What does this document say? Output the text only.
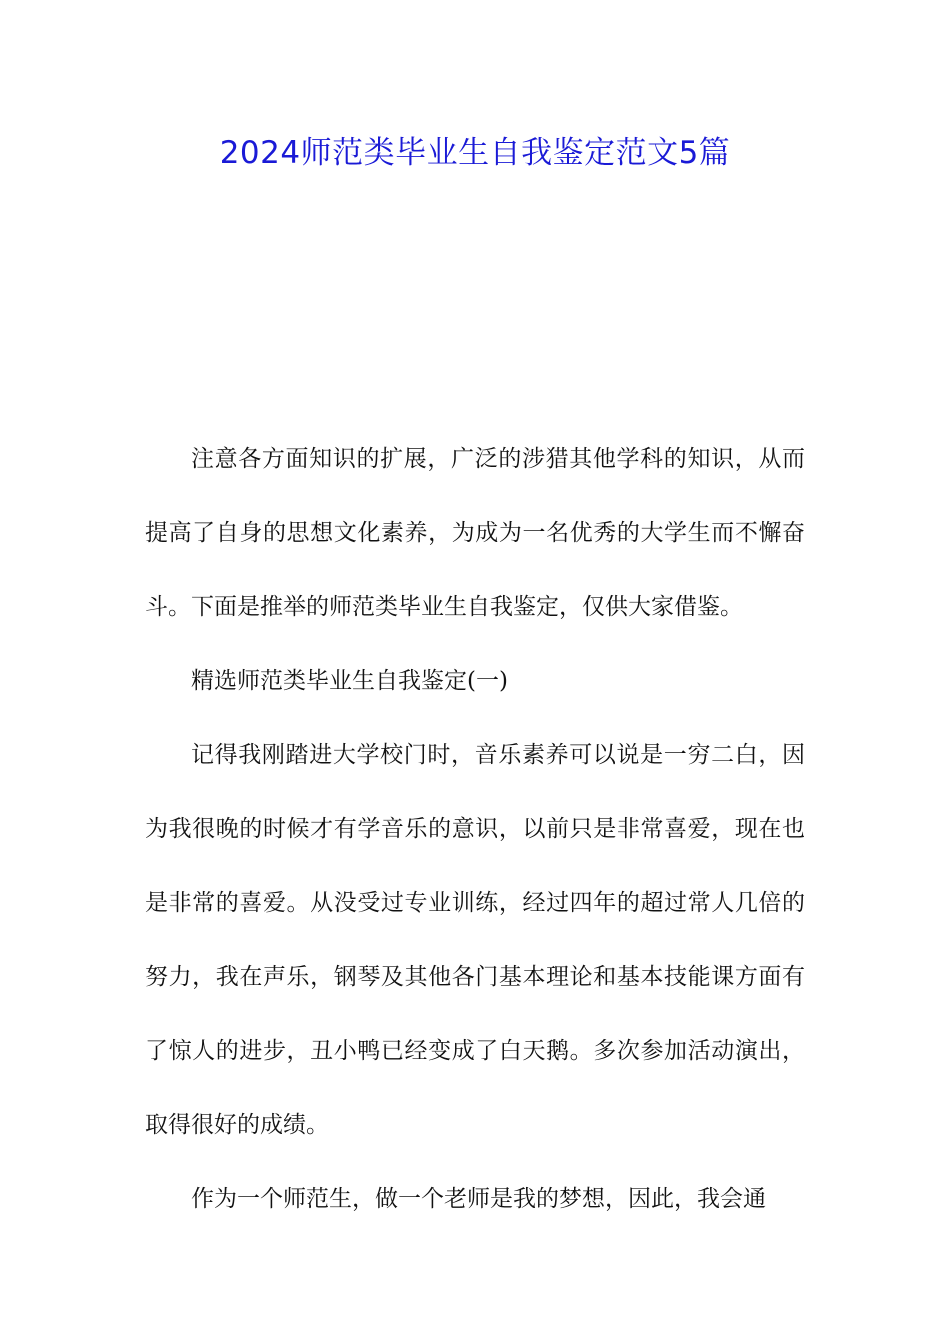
2024师范类毕业生自我鉴定范文5篇

注意各方面知识的扩展，广泛的涉猎其他学科的知识，从而提高了自身的思想文化素养，为成为一名优秀的大学生而不懈奋斗。下面是推举的师范类毕业生自我鉴定，仅供大家借鉴。

精选师范类毕业生自我鉴定(一)

记得我刚踏进大学校门时，音乐素养可以说是一穷二白，因为我很晚的时候才有学音乐的意识，以前只是非常喜爱，现在也是非常的喜爱。从没受过专业训练，经过四年的超过常人几倍的努力，我在声乐，钢琴及其他各门基本理论和基本技能课方面有了惊人的进步，丑小鸭已经变成了白天鹅。多次参加活动演出，取得很好的成绩。

作为一个师范生，做一个老师是我的梦想，因此，我会通
